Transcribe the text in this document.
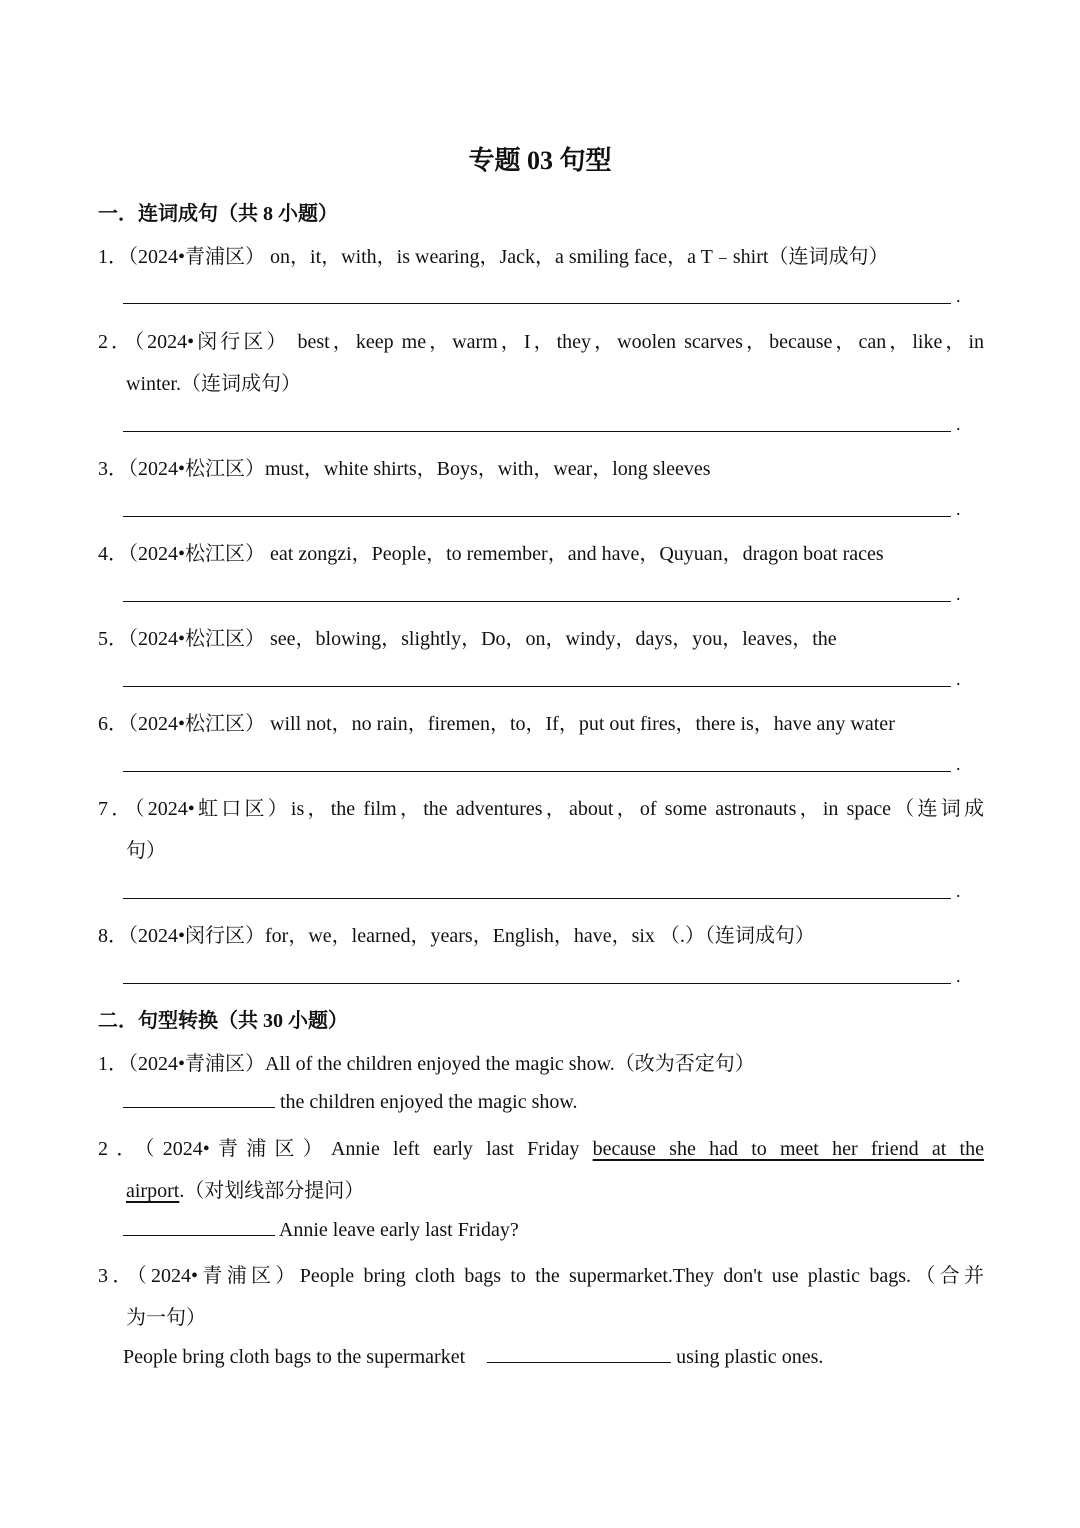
专题 03 句型
一．连词成句（共 8 小题）
1．（2024•青浦区） on，it，with，is wearing，Jack，a smiling face，a T﹣shirt（连词成句）
.
2．（2024•闵行区） best，keep me，warm，I，they，woolen scarves，because，can，like，in
winter.（连词成句）
.
3．（2024•松江区）must，white shirts，Boys，with，wear，long sleeves
.
4．（2024•松江区） eat zongzi，People，to remember，and have，Quyuan，dragon boat races
.
5．（2024•松江区） see，blowing，slightly，Do，on，windy，days，you，leaves，the
.
6．（2024•松江区） will not，no rain，firemen，to，If，put out fires，there is，have any water
.
7．（2024•虹口区）is，the film，the adventures，about，of some astronauts，in space（连词成
句）
.
8．（2024•闵行区）for，we，learned，years，English，have，six （.）（连词成句）
.
二．句型转换（共 30 小题）
1．（2024•青浦区）All of the children enjoyed the magic show.（改为否定句）
the children enjoyed the magic show.
2．（2024•青浦区）Annie left early last Friday because she had to meet her friend at the
airport.（对划线部分提问）
Annie leave early last Friday?
3．（2024•青浦区）People bring cloth bags to the supermarket.They don't use plastic bags.（合并
为一句）
People bring cloth bags to the supermarket	using plastic ones.
